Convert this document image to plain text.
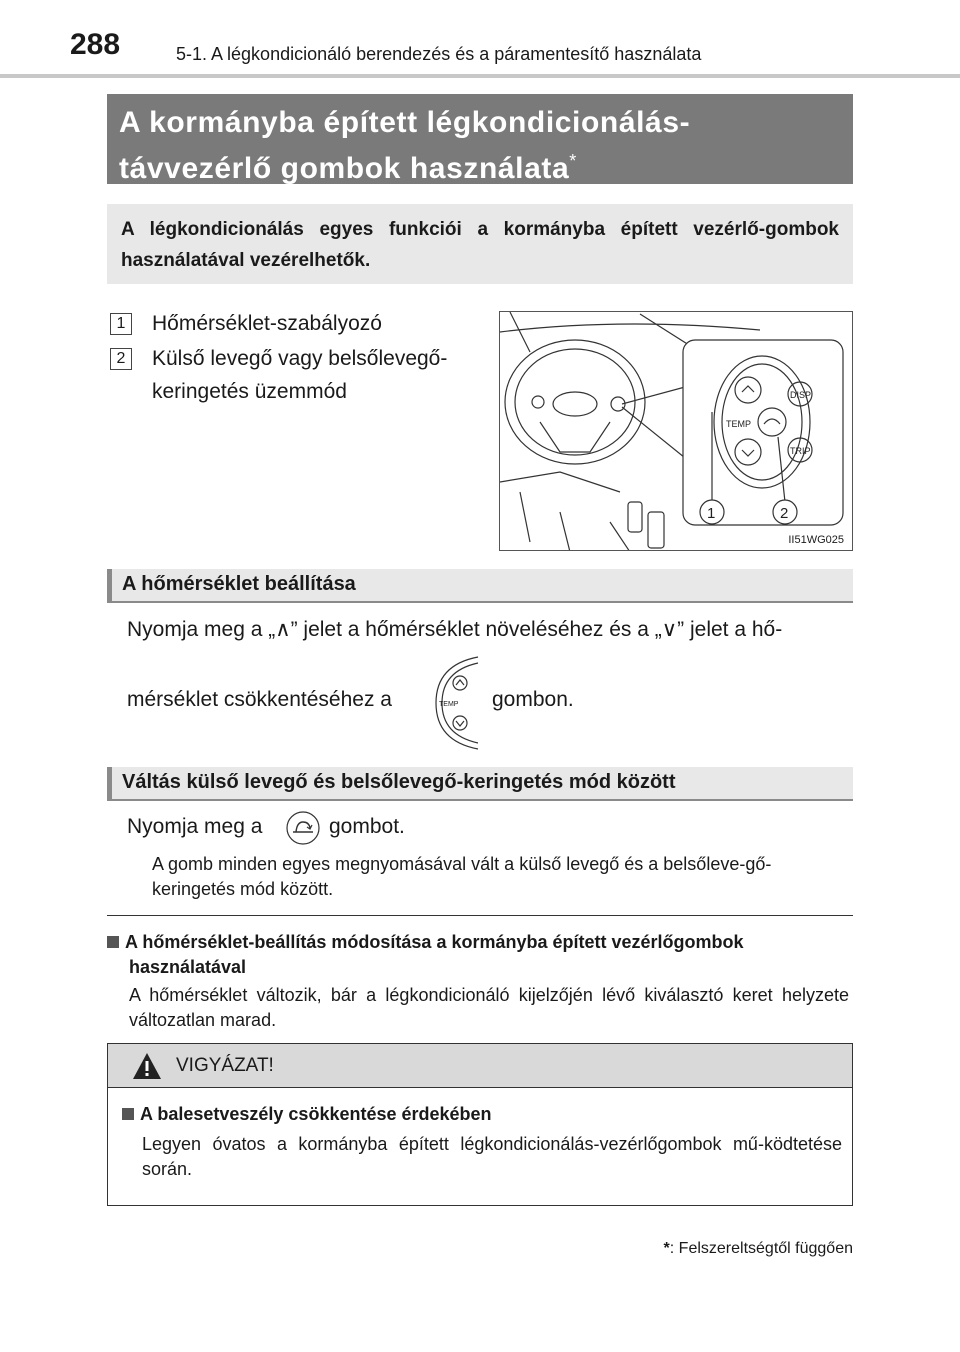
288	5-1. A légkondicionáló berendezés és a páramentesítő használata
A kormányba épített légkondicionálás-
távvezérlő gombok használata*
A légkondicionálás egyes funkciói a kormányba épített vezérlő-gombok használatával vezérelhetők.
1	Hőmérséklet-szabályozó
2	Külső levegő vagy belsőlevegő-
keringetés üzemmód
TEMP
DISP
TRIP
1	2
II51WG025
A hőmérséklet beállítása
Nyomja meg a „∧” jelet a hőmérséklet növeléséhez és a „∨” jelet a hő-
mérséklet csökkentéséhez a	TEMP gombon.
Váltás külső levegő és belsőlevegő-keringetés mód között
Nyomja meg a	gombot.
A gomb minden egyes megnyomásával vált a külső levegő és a belsőleve-gő-keringetés mód között.
A hőmérséklet-beállítás módosítása a kormányba épített vezérlőgombok használatával
A hőmérséklet változik, bár a légkondicionáló kijelzőjén lévő kiválasztó keret helyzete változatlan marad.
VIGYÁZAT!
A balesetveszély csökkentése érdekében
Legyen óvatos a kormányba épített légkondicionálás-vezérlőgombok mű-ködtetése során.
*: Felszereltségtől függően
